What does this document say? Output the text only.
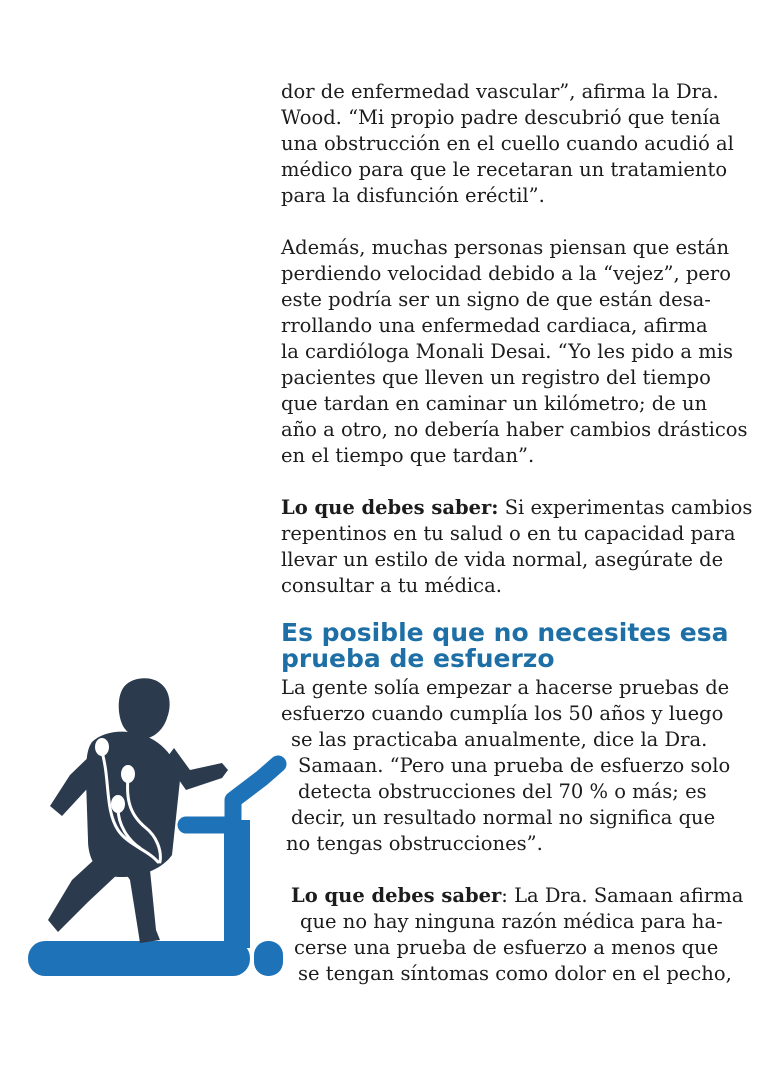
dor de enfermedad vascular”, afirma la Dra.
Wood. “Mi propio padre descubrió que tenía
una obstrucción en el cuello cuando acudió al
médico para que le recetaran un tratamiento
para la disfunción eréctil”.
Además, muchas personas piensan que están
perdiendo velocidad debido a la “vejez”, pero
este podría ser un signo de que están desa-
rrollando una enfermedad cardiaca, afirma
la cardióloga Monali Desai. “Yo les pido a mis
pacientes que lleven un registro del tiempo
que tardan en caminar un kilómetro; de un
año a otro, no debería haber cambios drásticos
en el tiempo que tardan”.
Lo que debes saber: Si experimentas cambios
repentinos en tu salud o en tu capacidad para
llevar un estilo de vida normal, asegúrate de
consultar a tu médica.
Es posible que no necesites esa
prueba de esfuerzo
La gente solía empezar a hacerse pruebas de
esfuerzo cuando cumplía los 50 años y luego
se las practicaba anualmente, dice la Dra.
Samaan. “Pero una prueba de esfuerzo solo
detecta obstrucciones del 70 % o más; es
decir, un resultado normal no significa que
no tengas obstrucciones”.
Lo que debes saber: La Dra. Samaan afirma
que no hay ninguna razón médica para ha-
cerse una prueba de esfuerzo a menos que
se tengan síntomas como dolor en el pecho,
